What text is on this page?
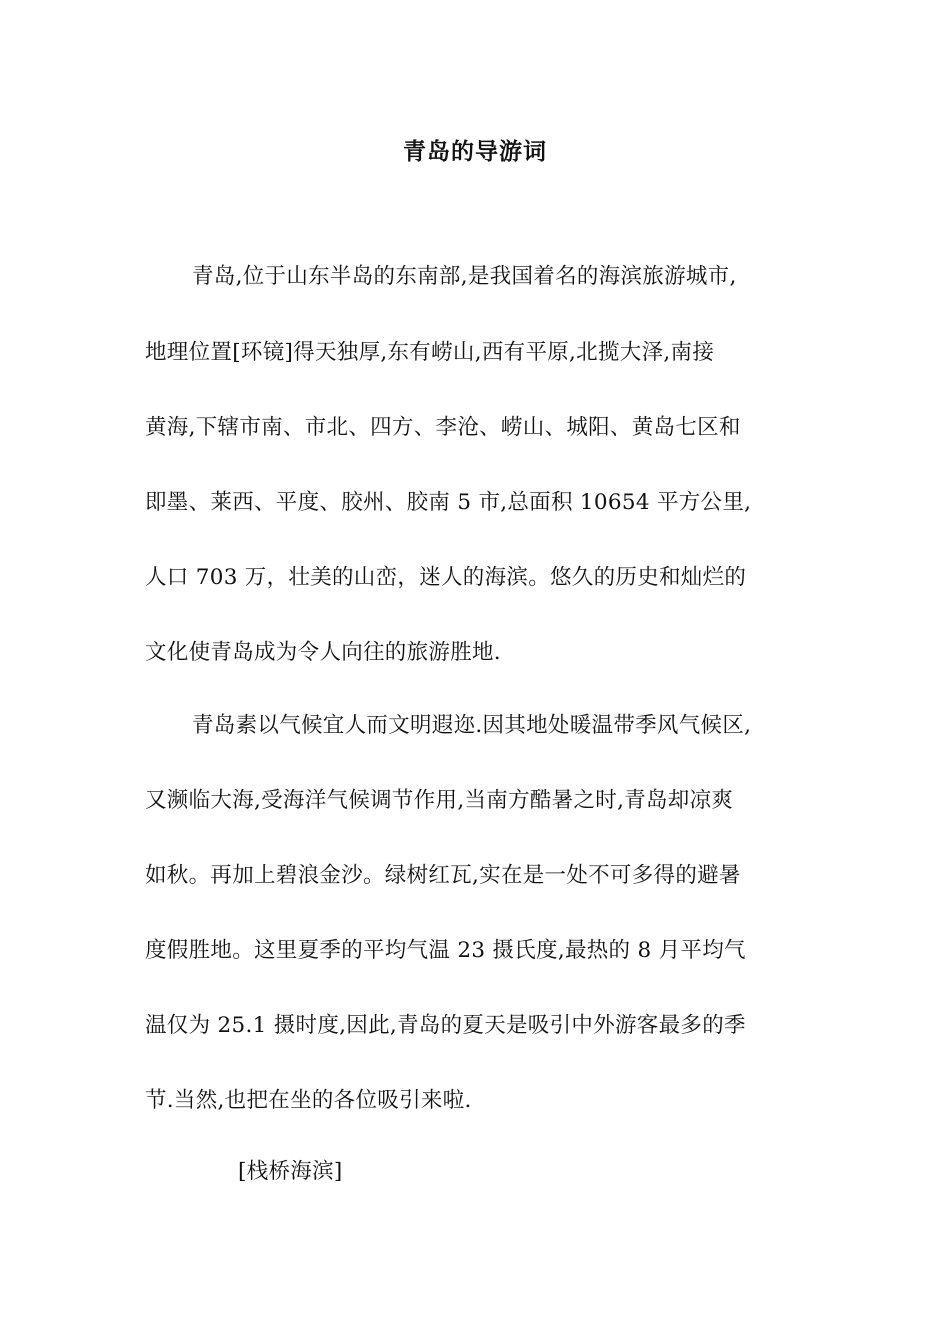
青岛的导游词
青岛,位于山东半岛的东南部,是我国着名的海滨旅游城市,
地理位置[环镜]得天独厚,东有崂山,西有平原,北揽大泽,南接
黄海,下辖市南、市北、四方、李沧、崂山、城阳、黄岛七区和
即墨、莱西、平度、胶州、胶南 5 市,总面积 10654 平方公里,
人口 703 万，壮美的山峦，迷人的海滨。悠久的历史和灿烂的
文化使青岛成为令人向往的旅游胜地.
青岛素以气候宜人而文明遐迩.因其地处暖温带季风气候区,
又濒临大海,受海洋气候调节作用,当南方酷暑之时,青岛却凉爽
如秋。再加上碧浪金沙。绿树红瓦,实在是一处不可多得的避暑
度假胜地。这里夏季的平均气温 23 摄氏度,最热的 8 月平均气
温仅为 25.1 摄时度,因此,青岛的夏天是吸引中外游客最多的季
节.当然,也把在坐的各位吸引来啦.
[栈桥海滨]
